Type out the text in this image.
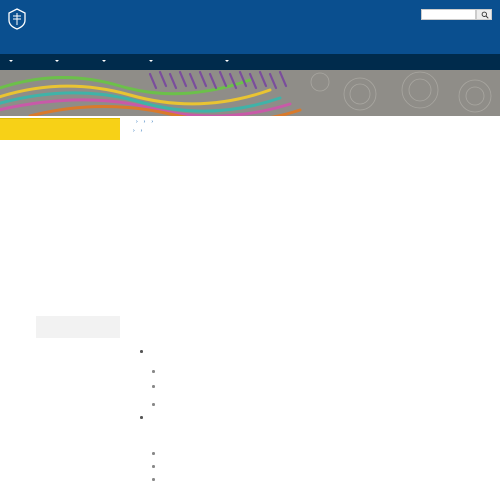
› › ›
› ›
